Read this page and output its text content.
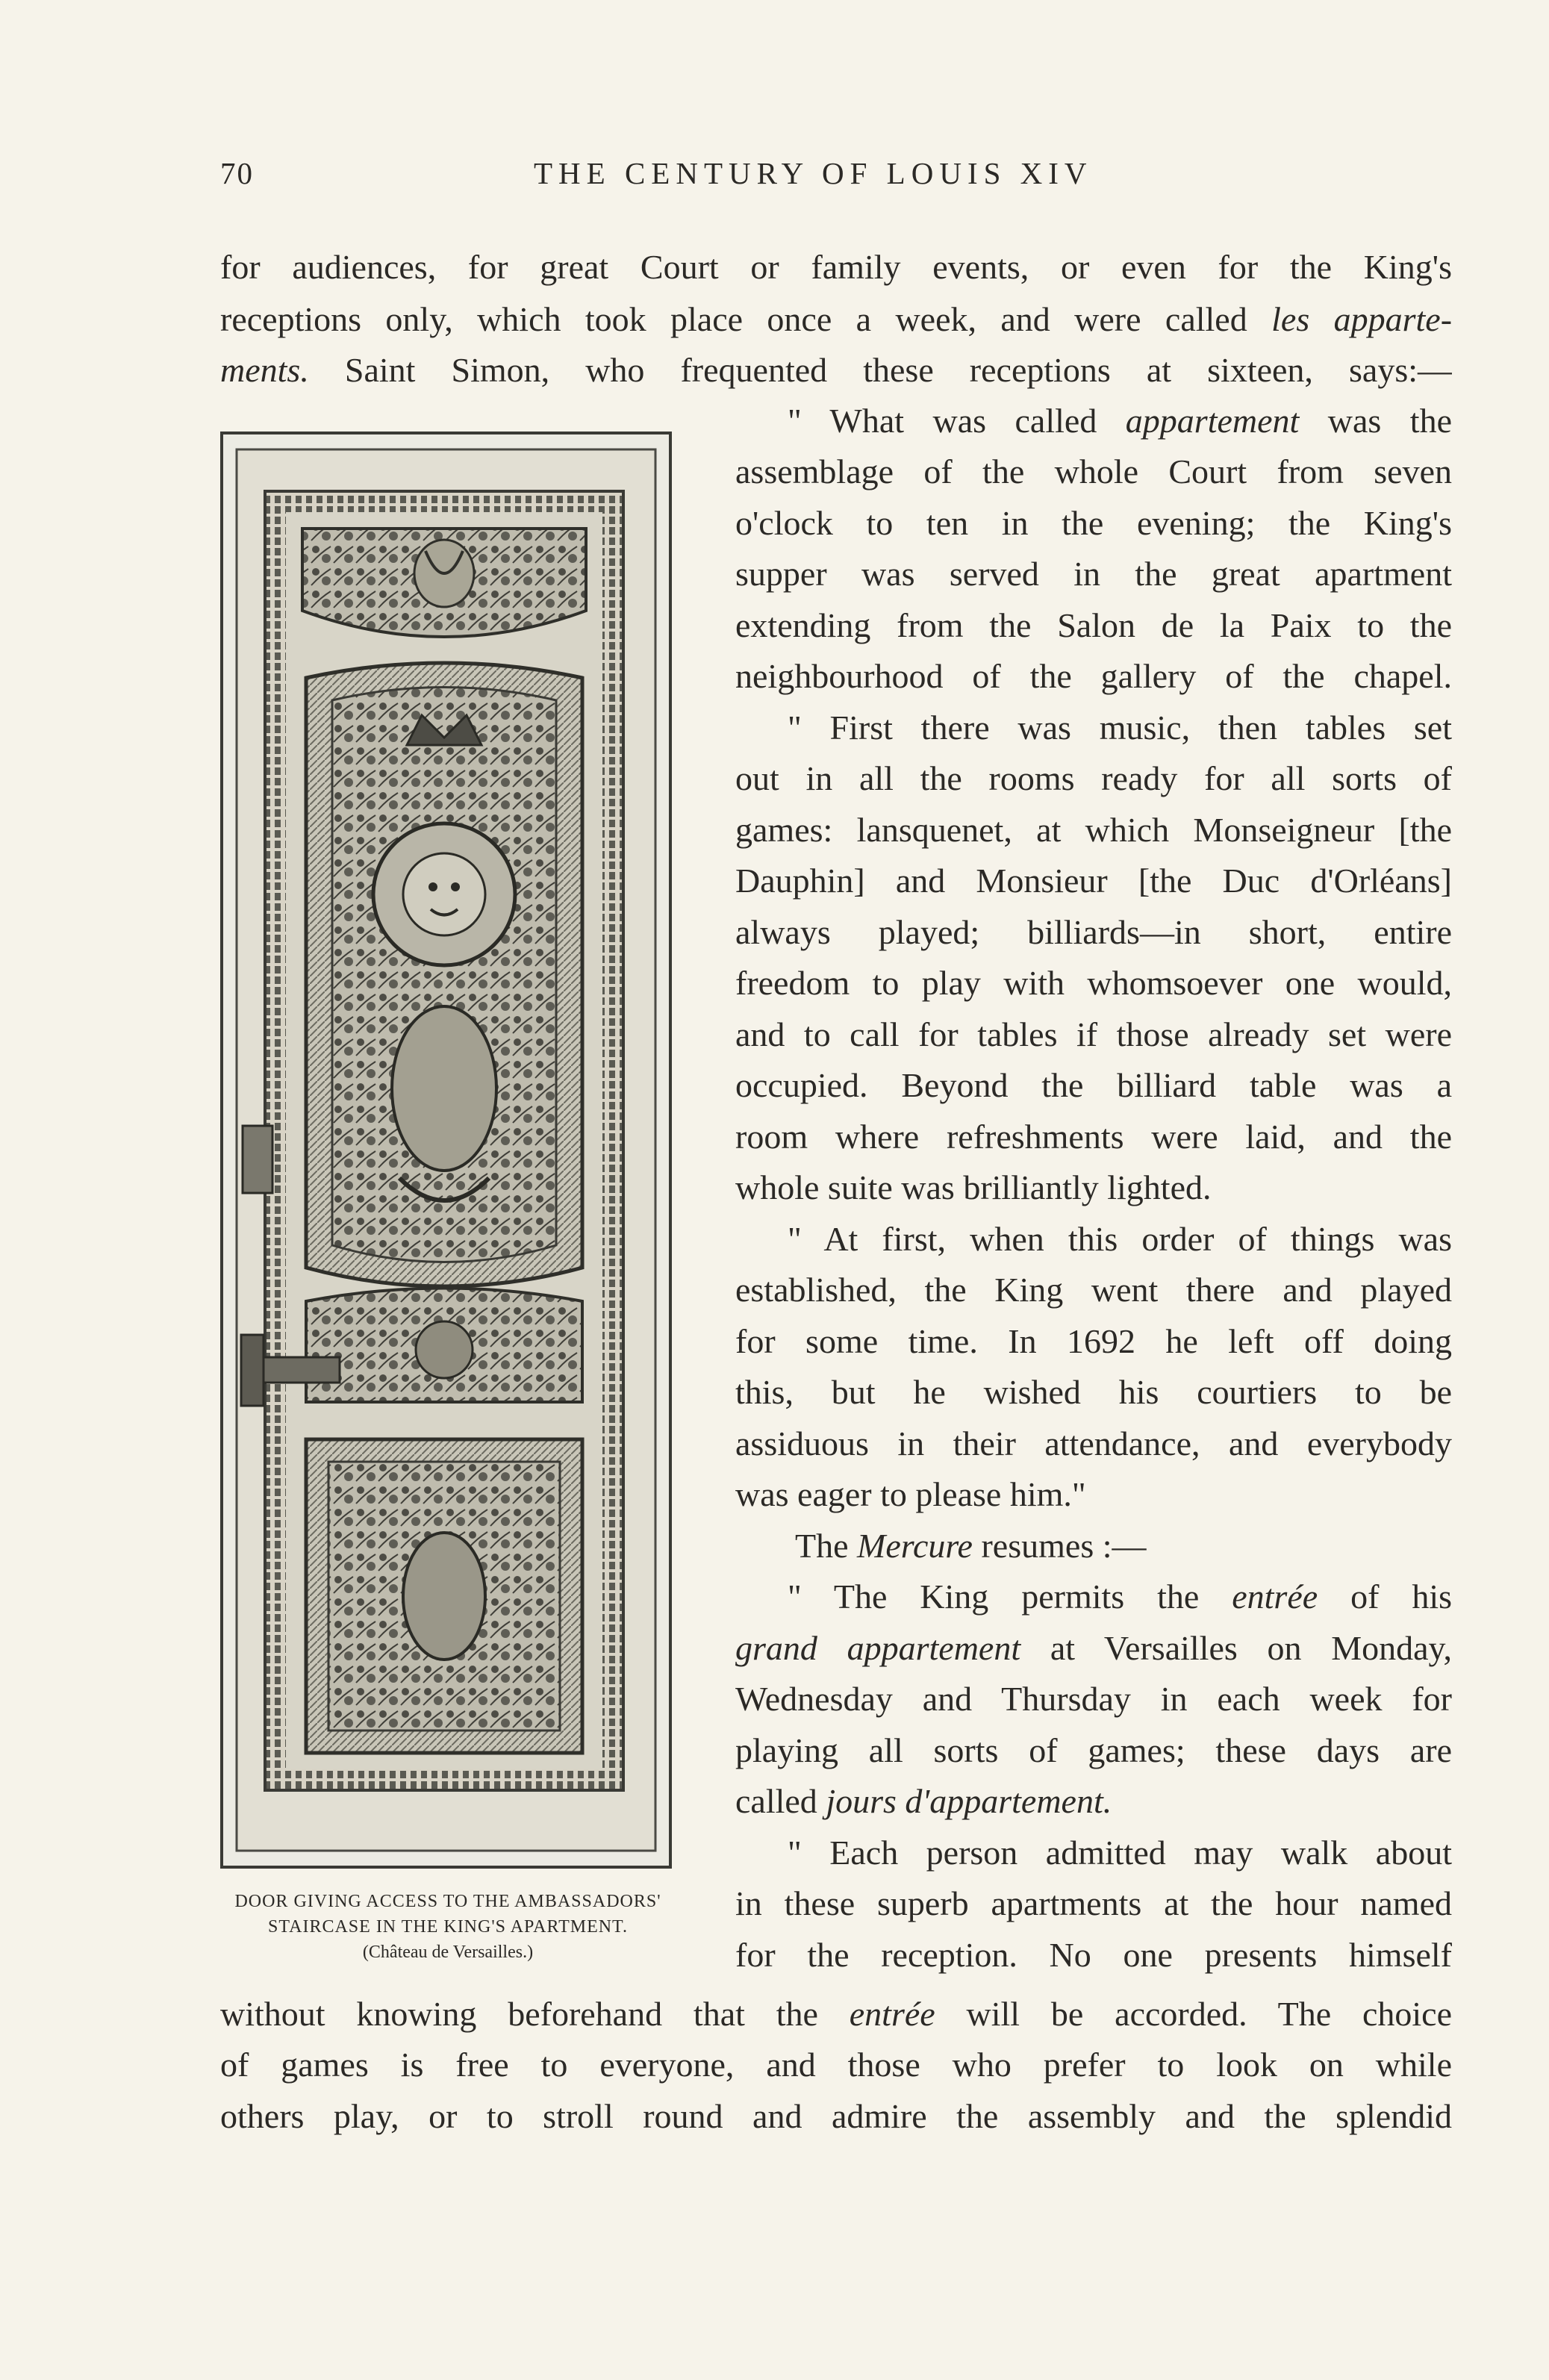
70	THE CENTURY OF LOUIS XIV
for audiences, for great Court or family events, or even for the King's
receptions only, which took place once a week, and were called les apparte-
ments. Saint Simon, who frequented these receptions at sixteen, says:—
DOOR GIVING ACCESS TO THE AMBASSADORS'
STAIRCASE IN THE KING'S APARTMENT.
(Château de Versailles.)
" What was called appartement was the
assemblage of the whole Court from seven
o'clock to ten in the evening; the King's
supper was served in the great apartment
extending from the Salon de la Paix to the
neighbourhood of the gallery of the chapel.
" First there was music, then tables set
out in all the rooms ready for all sorts of
games: lansquenet, at which Monseigneur [the
Dauphin] and Monsieur [the Duc d'Orléans]
always played; billiards—in short, entire
freedom to play with whomsoever one would,
and to call for tables if those already set were
occupied. Beyond the billiard table was a
room where refreshments were laid, and the
whole suite was brilliantly lighted.
" At first, when this order of things was
established, the King went there and played
for some time. In 1692 he left off doing
this, but he wished his courtiers to be
assiduous in their attendance, and everybody
was eager to please him."
The Mercure resumes :—
" The King permits the entrée of his
grand appartement at Versailles on Monday,
Wednesday and Thursday in each week for
playing all sorts of games; these days are
called jours d'appartement.
" Each person admitted may walk about
in these superb apartments at the hour named
for the reception. No one presents himself
without knowing beforehand that the entrée will be accorded. The choice
of games is free to everyone, and those who prefer to look on while
others play, or to stroll round and admire the assembly and the splendid
